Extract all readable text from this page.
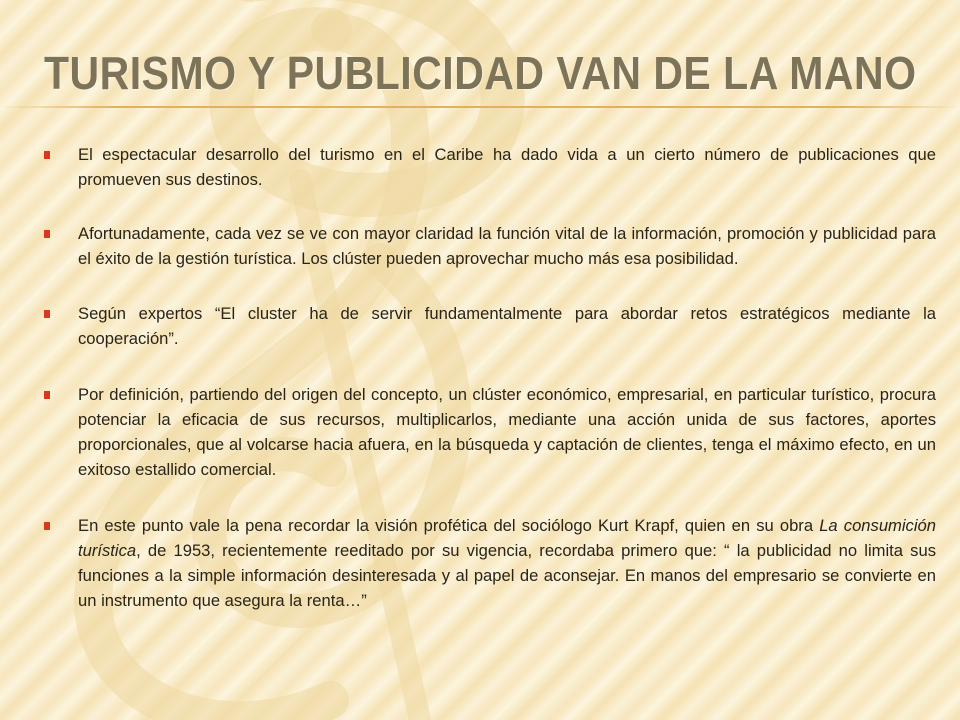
TURISMO Y PUBLICIDAD VAN DE LA MANO
El espectacular desarrollo del turismo en el Caribe ha dado vida a un cierto número de publicaciones que promueven sus destinos.
Afortunadamente, cada vez se ve con mayor claridad la función vital de la información, promoción y publicidad para el éxito de la gestión turística. Los clúster pueden aprovechar mucho más esa posibilidad.
Según expertos “El cluster ha de servir fundamentalmente para abordar retos estratégicos mediante la cooperación”.
Por definición, partiendo del origen del concepto, un clúster económico, empresarial, en particular turístico, procura potenciar la eficacia de sus recursos, multiplicarlos, mediante una acción unida de sus factores, aportes proporcionales, que al volcarse hacia afuera, en la búsqueda y captación de clientes, tenga el máximo efecto, en un exitoso estallido comercial.
En este punto vale la pena recordar la visión profética del sociólogo Kurt Krapf, quien en su obra La consumición turística, de 1953, recientemente reeditado por su vigencia, recordaba primero que: “ la publicidad no limita sus funciones a la simple información desinteresada y al papel de aconsejar. En manos del empresario se convierte en un instrumento que asegura la renta…”
